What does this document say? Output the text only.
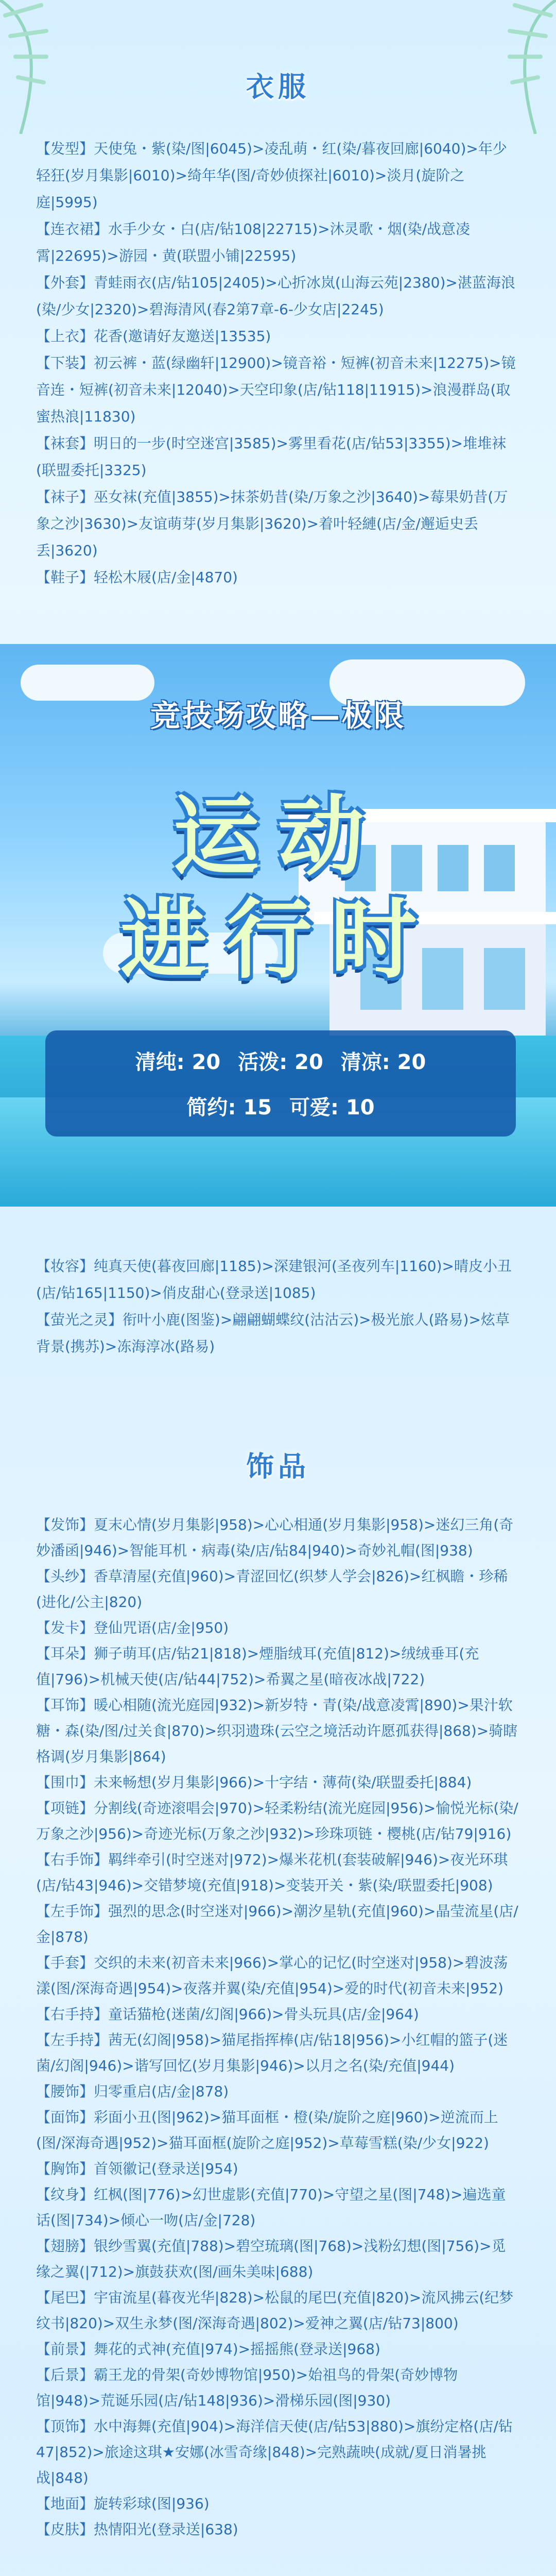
衣服
【发型】天使兔・紫(染/图|6045)>凌乱萌・红(染/暮夜回廊|6040)>年少轻狂(岁月集影|6010)>绮年华(图/奇妙侦探社|6010)>淡月(旋阶之庭|5995)
【连衣裙】水手少女・白(店/钻108|22715)>沐灵歌・烟(染/战意凌霄|22695)>游园・黄(联盟小铺|22595)
【外套】青蛙雨衣(店/钻105|2405)>心折冰岚(山海云苑|2380)>湛蓝海浪(染/少女|2320)>碧海清风(春2第7章-6-少女店|2245)
【上衣】花香(邀请好友邀送|13535)
【下装】初云裤・蓝(绿幽轩|12900)>镜音裕・短裤(初音未来|12275)>镜音连・短裤(初音未来|12040)>天空印象(店/钻118|11915)>浪漫群岛(取蜜热浪|11830)
【袜套】明日的一步(时空迷宫|3585)>雾里看花(店/钻53|3355)>堆堆袜(联盟委托|3325)
【袜子】巫女袜(充值|3855)>抹茶奶昔(染/万象之沙|3640)>莓果奶昔(万象之沙|3630)>友谊萌芽(岁月集影|3620)>着叶轻縺(店/金/邂逅史丢丢|3620)
【鞋子】轻松木屐(店/金|4870)
竞技场攻略—极限
运动
进行时
清纯: 20 活泼: 20 清凉: 20
简约: 15 可爱: 10
【妆容】纯真天使(暮夜回廊|1185)>深建银河(圣夜列车|1160)>晴皮小丑(店/钻165|1150)>俏皮甜心(登录送|1085)
【萤光之灵】衔叶小鹿(图鉴)>翩翩蝴蝶纹(沽沽云)>极光旅人(路易)>炫草背景(携苏)>冻海淳冰(路易)
饰品
【发饰】夏末心情(岁月集影|958)>心心相通(岁月集影|958)>迷幻三角(奇妙潘函|946)>智能耳机・病毒(染/店/钻84|940)>奇妙礼帽(图|938)
【头纱】香草清屋(充值|960)>青涩回忆(织梦人学会|826)>红枫瞻・珍稀(进化/公主|820)
【发卡】登仙咒语(店/金|950)
【耳朵】狮子萌耳(店/钻21|818)>煙脂绒耳(充值|812)>绒绒垂耳(充值|796)>机械天使(店/钻44|752)>希翼之星(暗夜冰战|722)
【耳饰】暖心相随(流光庭园|932)>新岁特・青(染/战意凌霄|890)>果汁软糖・森(染/图/过关食|870)>织羽遗珠(云空之境活动许愿孤获得|868)>骑瞎格调(岁月集影|864)
【围巾】未来畅想(岁月集影|966)>十字结・薄荷(染/联盟委托|884)
【项链】分割线(奇迹滚唱会|970)>轻柔粉结(流光庭园|956)>愉悦光标(染/万象之沙|956)>奇迹光标(万象之沙|932)>珍珠项链・樱桃(店/钻79|916)
【右手饰】羁绊牵引(时空迷对|972)>爆米花机(套装破解|946)>夜光环琪(店/钻43|946)>交错梦境(充值|918)>变装开关・紫(染/联盟委托|908)
【左手饰】强烈的思念(时空迷对|966)>潮汐星轨(充值|960)>晶莹流星(店/金|878)
【手套】交织的未来(初音未来|966)>掌心的记忆(时空迷对|958)>碧波荡漾(图/深海奇遇|954)>夜落并翼(染/充值|954)>爱的时代(初音未来|952)
【右手持】童话猫枪(迷菌/幻阁|966)>骨头玩具(店/金|964)
【左手持】茜无(幻阁|958)>猫尾指挥棒(店/钻18|956)>小红帽的篮子(迷菌/幻阁|946)>谐写回忆(岁月集影|946)>以月之名(染/充值|944)
【腰饰】归零重启(店/金|878)
【面饰】彩面小丑(图|962)>猫耳面框・橙(染/旋阶之庭|960)>逆流而上(图/深海奇遇|952)>猫耳面框(旋阶之庭|952)>草莓雪糕(染/少女|922)
【胸饰】首领徽记(登录送|954)
【纹身】红枫(图|776)>幻世虚影(充值|770)>守望之星(图|748)>遍选童话(图|734)>倾心一吻(店/金|728)
【翅膀】银纱雪翼(充值|788)>碧空琉璃(图|768)>浅粉幻想(图|756)>觅缘之翼(|712)>旗鼓获欢(图/画朱美味|688)
【尾巴】宇宙流星(暮夜光华|828)>松鼠的尾巴(充值|820)>流风拂云(纪梦纹书|820)>双生永梦(图/深海奇遇|802)>爱神之翼(店/钻73|800)
【前景】舞花的式神(充值|974)>摇摇熊(登录送|968)
【后景】霸王龙的骨架(奇妙博物馆|950)>始祖鸟的骨架(奇妙博物馆|948)>荒诞乐园(店/钻148|936)>滑梯乐园(图|930)
【顶饰】水中海舞(充值|904)>海洋信天使(店/钻53|880)>旗纷定格(店/钻47|852)>旅途这琪★安娜(冰雪奇缘|848)>完熟蔬映(成就/夏日消暑挑战|848)
【地面】旋转彩球(图|936)
【皮肤】热情阳光(登录送|638)
